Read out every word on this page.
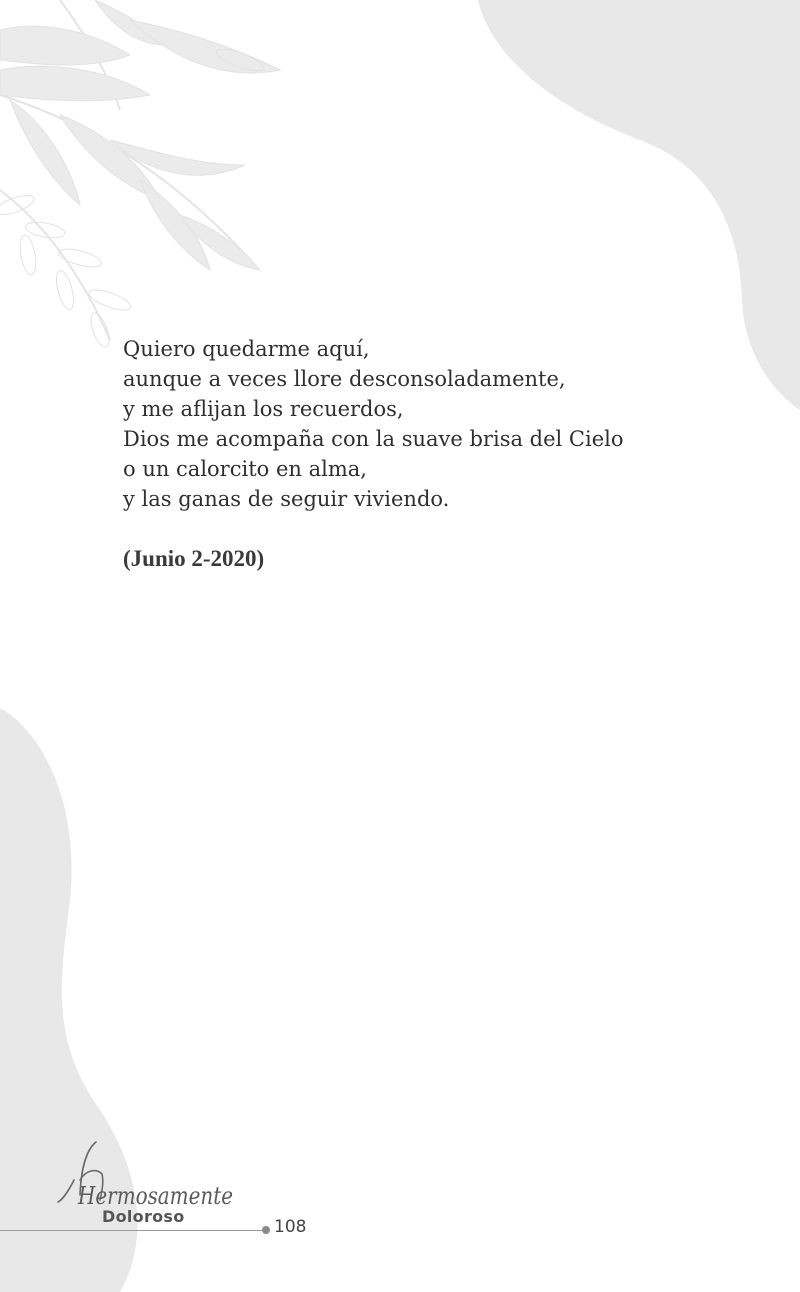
Quiero quedarme aquí,
aunque a veces llore desconsoladamente,
y me aflijan los recuerdos,
Dios me acompaña con la suave brisa del Cielo
o un calorcito en alma,
y las ganas de seguir viviendo.

(Junio 2-2020)
Hermosamente
Doloroso
108
